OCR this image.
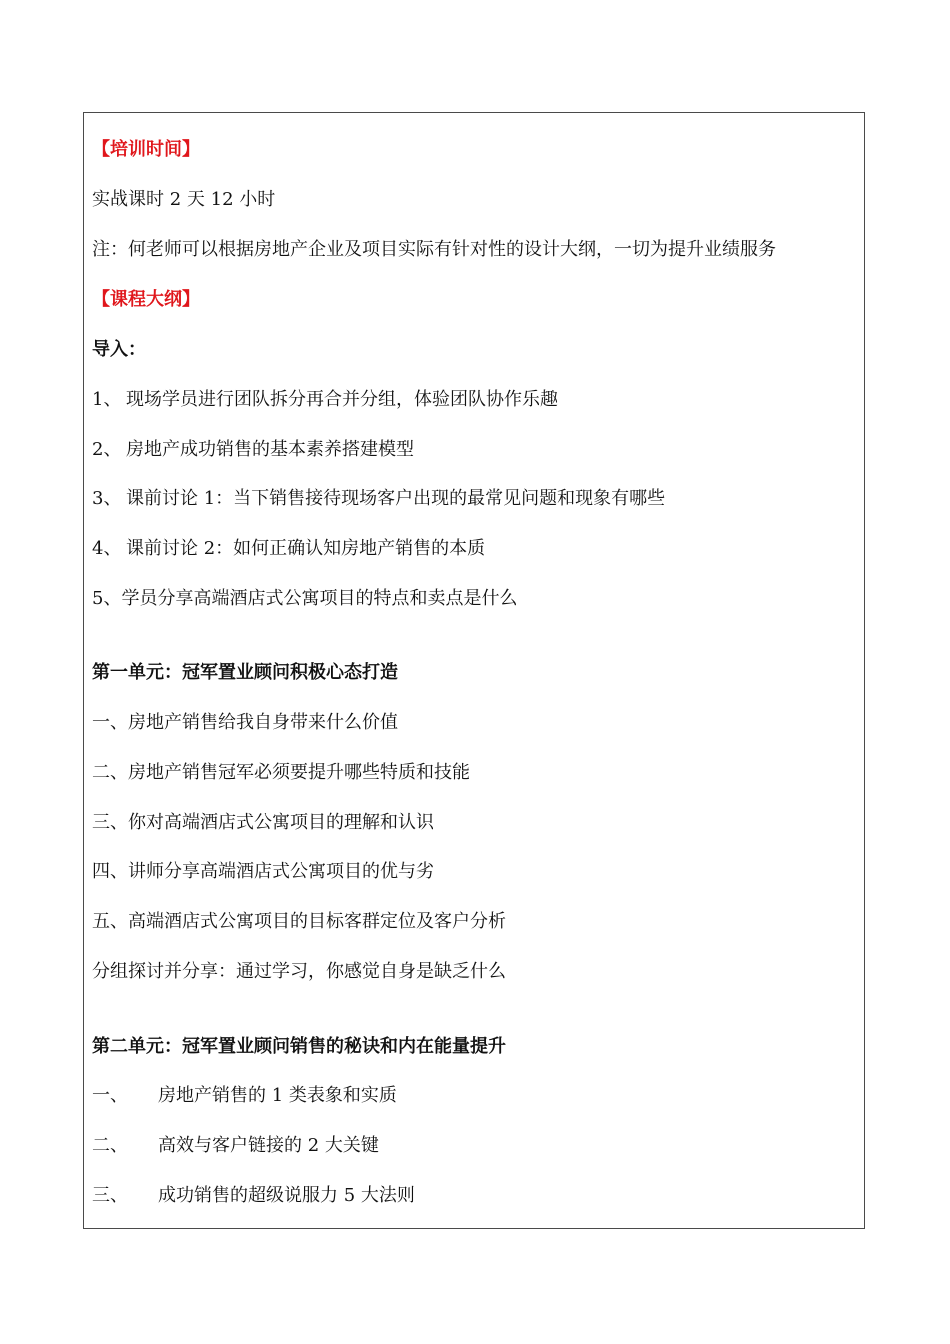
【培训时间】
实战课时 2 天 12 小时
注：何老师可以根据房地产企业及项目实际有针对性的设计大纲，一切为提升业绩服务
【课程大纲】
导入：
1、 现场学员进行团队拆分再合并分组，体验团队协作乐趣
2、 房地产成功销售的基本素养搭建模型
3、 课前讨论 1：当下销售接待现场客户出现的最常见问题和现象有哪些
4、 课前讨论 2：如何正确认知房地产销售的本质
5、学员分享高端酒店式公寓项目的特点和卖点是什么
第一单元：冠军置业顾问积极心态打造
一、房地产销售给我自身带来什么价值
二、房地产销售冠军必须要提升哪些特质和技能
三、你对高端酒店式公寓项目的理解和认识
四、讲师分享高端酒店式公寓项目的优与劣
五、高端酒店式公寓项目的目标客群定位及客户分析
分组探讨并分享：通过学习，你感觉自身是缺乏什么
第二单元：冠军置业顾问销售的秘诀和内在能量提升
一、 房地产销售的 1 类表象和实质
二、 高效与客户链接的 2 大关键
三、 成功销售的超级说服力 5 大法则
